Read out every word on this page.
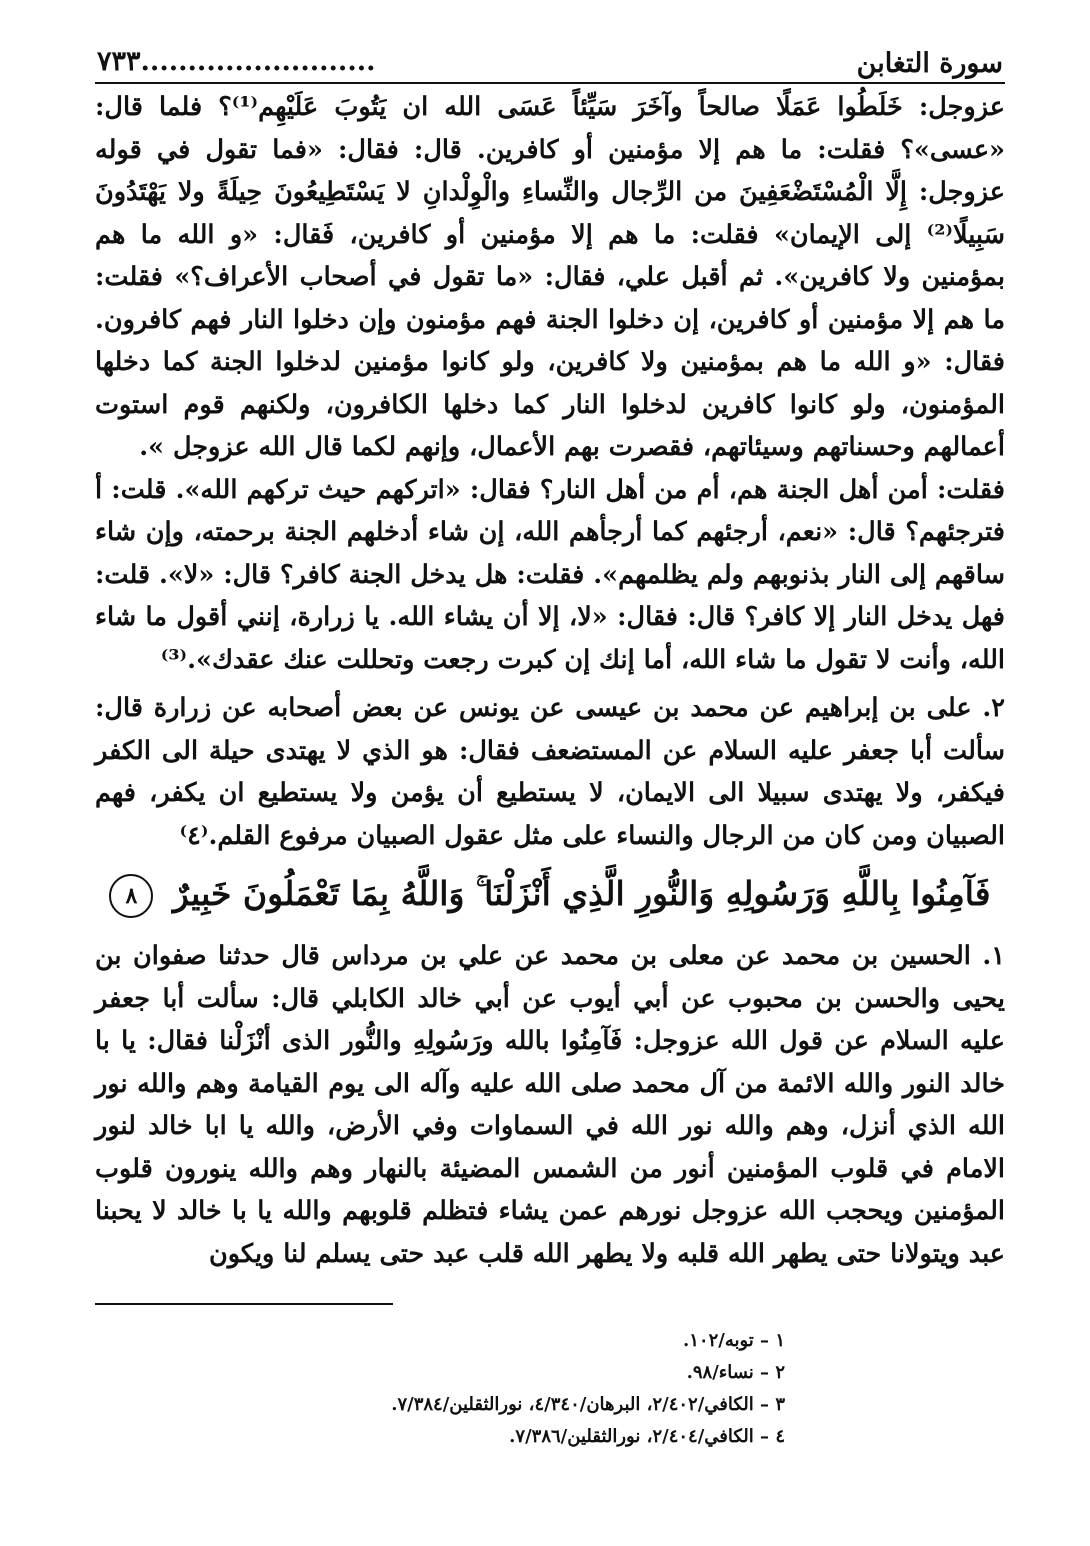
سورة التغابن
٧٣٣.........................

عزوجل: خَلَطُوا عَمَلًا صالحاً وآخَرَ سَيِّئاً عَسَى الله ان يَتُوبَ عَلَيْهِم⁽¹⁾؟ فلما قال: «عسى»؟ فقلت: ما هم إلا مؤمنين أو كافرين. قال: فقال: «فما تقول في قوله عزوجل: إِلَّا الْمُسْتَضْعَفِينَ من الرِّجال والنِّساءِ والْوِلْدانِ لا يَسْتَطِيعُونَ حِيلَةً ولا يَهْتَدُونَ سَبِيلًا⁽²⁾ إلى الإيمان» فقلت: ما هم إلا مؤمنين أو كافرين، فَقال: «و الله ما هم بمؤمنين ولا كافرين». ثم أقبل علي، فقال: «ما تقول في أصحاب الأعراف؟» فقلت: ما هم إلا مؤمنين أو كافرين، إن دخلوا الجنة فهم مؤمنون وإن دخلوا النار فهم كافرون. فقال: «و الله ما هم بمؤمنين ولا كافرين، ولو كانوا مؤمنين لدخلوا الجنة كما دخلها المؤمنون، ولو كانوا كافرين لدخلوا النار كما دخلها الكافرون، ولكنهم قوم استوت أعمالهم وحسناتهم وسيئاتهم، فقصرت بهم الأعمال، وإنهم لكما قال الله عزوجل ».

فقلت: أمن أهل الجنة هم، أم من أهل النار؟ فقال: «اتركهم حيث تركهم الله». قلت: أ فترجئهم؟ قال: «نعم، أرجئهم كما أرجأهم الله، إن شاء أدخلهم الجنة برحمته، وإن شاء ساقهم إلى النار بذنوبهم ولم يظلمهم». فقلت: هل يدخل الجنة كافر؟ قال: «لا». قلت: فهل يدخل النار إلا كافر؟ قال: فقال: «لا، إلا أن يشاء الله. يا زرارة، إنني أقول ما شاء الله، وأنت لا تقول ما شاء الله، أما إنك إن كبرت رجعت وتحللت عنك عقدك».⁽³⁾

٢. على بن إبراهيم عن محمد بن عيسى عن يونس عن بعض أصحابه عن زرارة قال: سألت أبا جعفر عليه السلام عن المستضعف فقال: هو الذي لا يهتدى حيلة الى الكفر فيكفر، ولا يهتدى سبيلا الى الايمان، لا يستطيع أن يؤمن ولا يستطيع ان يكفر، فهم الصبيان ومن كان من الرجال والنساء على مثل عقول الصبيان مرفوع القلم.⁽٤⁾

فَآمِنُوا بِاللَّهِ وَرَسُولِهِ وَالنُّورِ الَّذِي أَنْزَلْنَا ۚ وَاللَّهُ بِمَا تَعْمَلُونَ خَبِيرٌ ٨

١. الحسين بن محمد عن معلى بن محمد عن علي بن مرداس قال حدثنا صفوان بن يحيى والحسن بن محبوب عن أبي أيوب عن أبي خالد الكابلي قال: سألت أبا جعفر عليه السلام عن قول الله عزوجل: فَآمِنُوا بالله ورَسُولِهِ والنُّور الذى أنْزَلْنا فقال: يا با خالد النور والله الائمة من آل محمد صلى الله عليه وآله الى يوم القيامة وهم والله نور الله الذي أنزل، وهم والله نور الله في السماوات وفي الأرض، والله يا ابا خالد لنور الامام في قلوب المؤمنين أنور من الشمس المضيئة بالنهار وهم والله ينورون قلوب المؤمنين ويحجب الله عزوجل نورهم عمن يشاء فتظلم قلوبهم والله يا با خالد لا يحبنا عبد ويتولانا حتى يطهر الله قلبه ولا يطهر الله قلب عبد حتى يسلم لنا ويكون

١ – توبه/١٠٢.
٢ – نساء/٩٨.
٣ – الكافي/٢/٤٠٢، البرهان/٤/٣٤٠، نورالثقلين/٧/٣٨٤.
٤ – الكافي/٢/٤٠٤، نورالثقلين/٧/٣٨٦.
